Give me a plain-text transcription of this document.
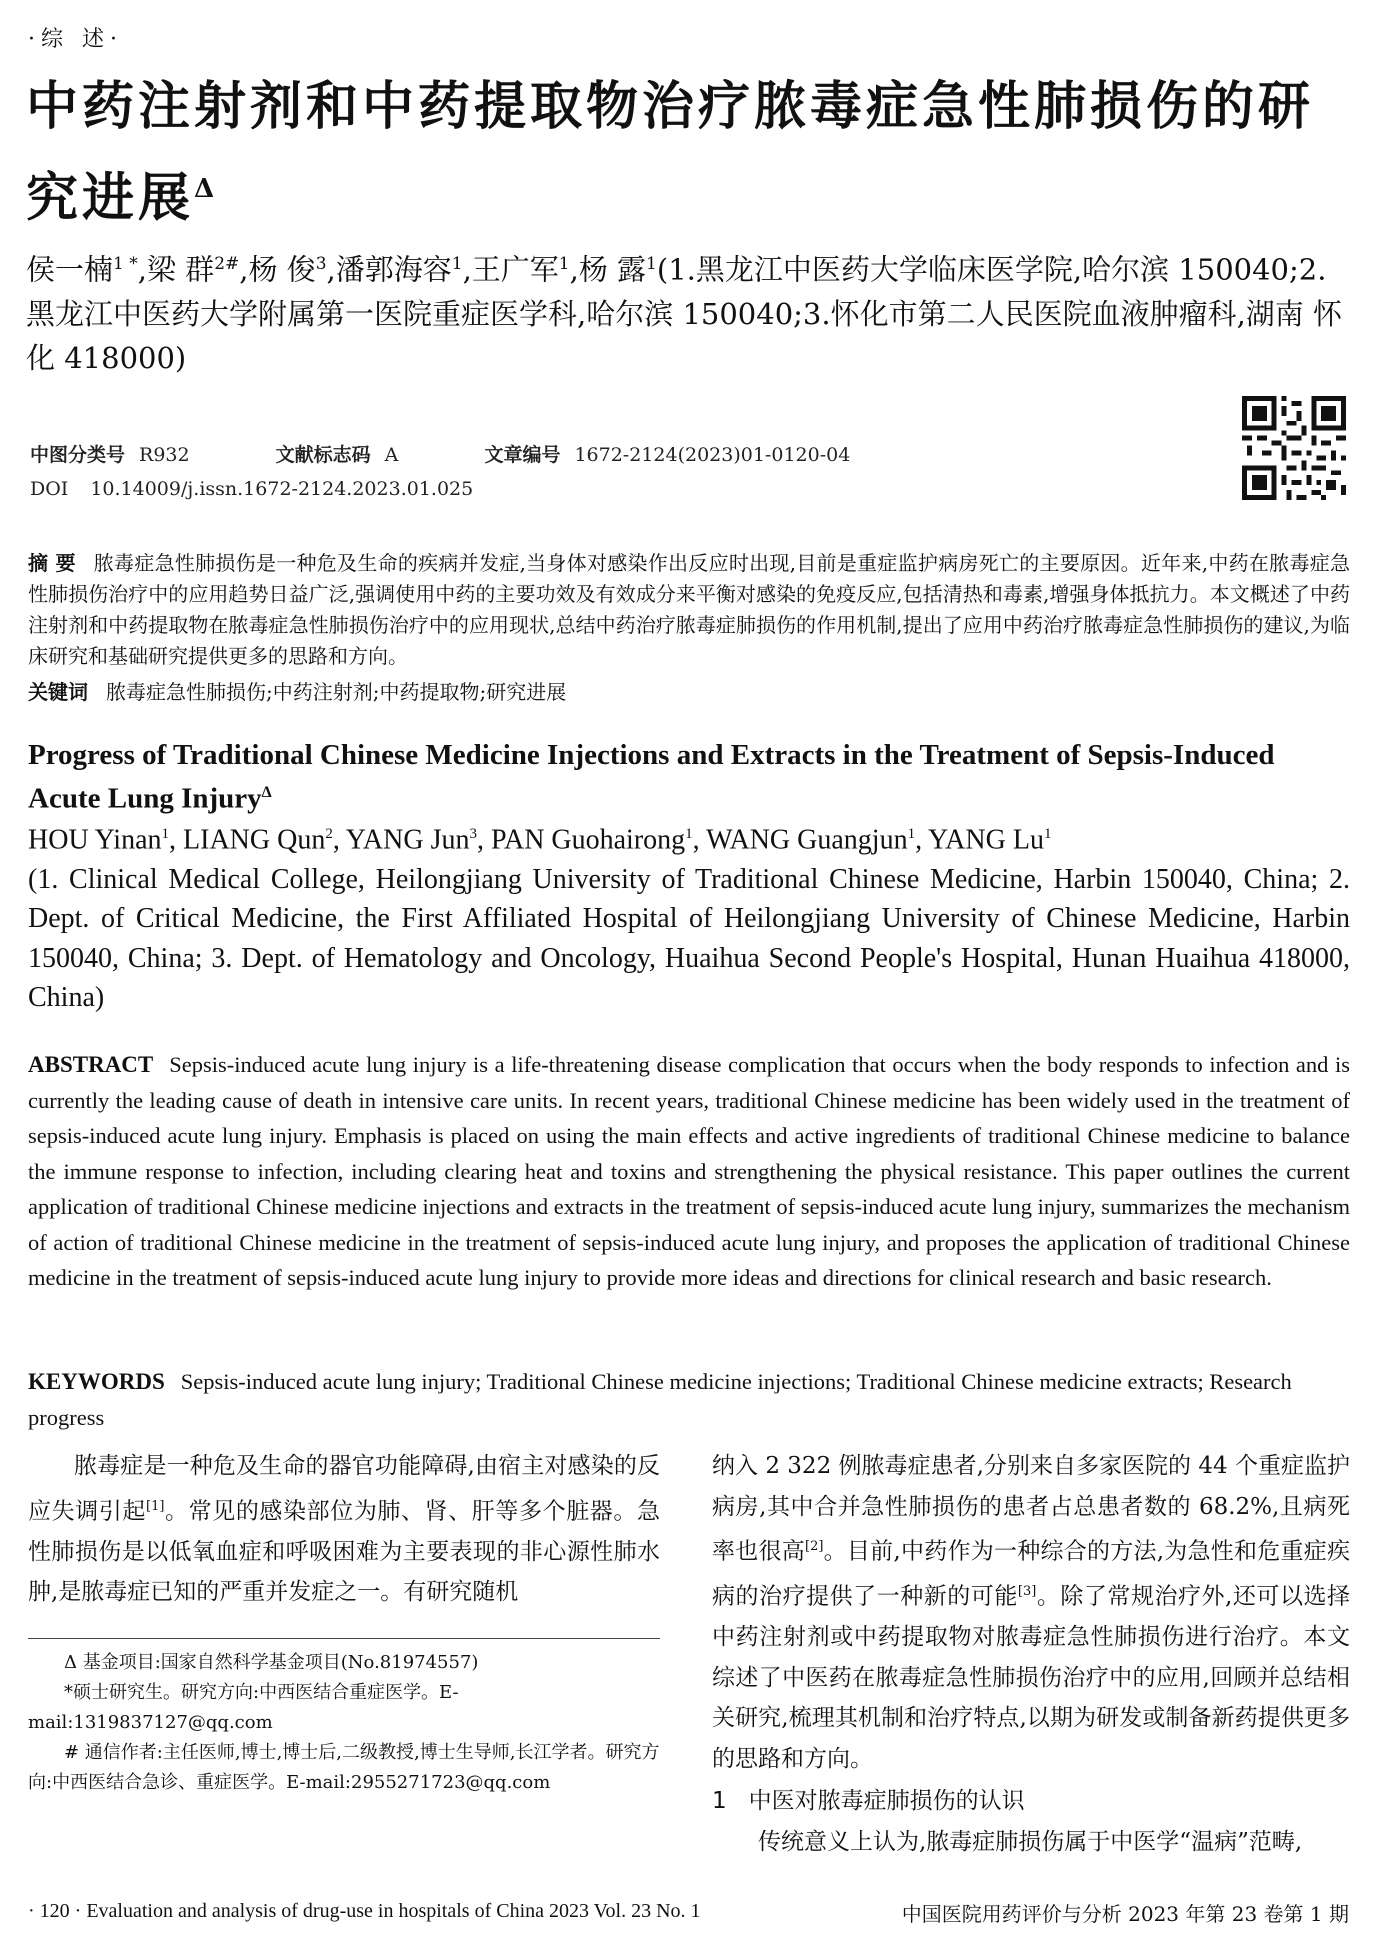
·综 述·
中药注射剂和中药提取物治疗脓毒症急性肺损伤的研究进展$^\Delta$
侯一楠$^{1 *}$,梁 群$^{2\#}$,杨 俊$^3$,潘郭海容$^1$,王广军$^1$,杨 露$^1$(1.黑龙江中医药大学临床医学院,哈尔滨 150040;2.黑龙江中医药大学附属第一医院重症医学科,哈尔滨 150040;3.怀化市第二人民医院血液肿瘤科,湖南 怀化 418000)
中图分类号 R932	文献标志码 A	文章编号 1672-2124(2023)01-0120-04
DOI 10.14009/j.issn.1672-2124.2023.01.025
摘 要 脓毒症急性肺损伤是一种危及生命的疾病并发症,当身体对感染作出反应时出现,目前是重症监护病房死亡的主要原因。近年来,中药在脓毒症急性肺损伤治疗中的应用趋势日益广泛,强调使用中药的主要功效及有效成分来平衡对感染的免疫反应,包括清热和毒素,增强身体抵抗力。本文概述了中药注射剂和中药提取物在脓毒症急性肺损伤治疗中的应用现状,总结中药治疗脓毒症肺损伤的作用机制,提出了应用中药治疗脓毒症急性肺损伤的建议,为临床研究和基础研究提供更多的思路和方向。
关键词 脓毒症急性肺损伤;中药注射剂;中药提取物;研究进展
Progress of Traditional Chinese Medicine Injections and Extracts in the Treatment of Sepsis-Induced Acute Lung Injury$^\Delta$
HOU Yinan$^1$, LIANG Qun$^2$, YANG Jun$^3$, PAN Guohairong$^1$, WANG Guangjun$^1$, YANG Lu$^1$
(1. Clinical Medical College, Heilongjiang University of Traditional Chinese Medicine, Harbin 150040, China; 2. Dept. of Critical Medicine, the First Affiliated Hospital of Heilongjiang University of Chinese Medicine, Harbin 150040, China; 3. Dept. of Hematology and Oncology, Huaihua Second People's Hospital, Hunan Huaihua 418000, China)
ABSTRACT Sepsis-induced acute lung injury is a life-threatening disease complication that occurs when the body responds to infection and is currently the leading cause of death in intensive care units. In recent years, traditional Chinese medicine has been widely used in the treatment of sepsis-induced acute lung injury. Emphasis is placed on using the main effects and active ingredients of traditional Chinese medicine to balance the immune response to infection, including clearing heat and toxins and strengthening the physical resistance. This paper outlines the current application of traditional Chinese medicine injections and extracts in the treatment of sepsis-induced acute lung injury, summarizes the mechanism of action of traditional Chinese medicine in the treatment of sepsis-induced acute lung injury, and proposes the application of traditional Chinese medicine in the treatment of sepsis-induced acute lung injury to provide more ideas and directions for clinical research and basic research.
KEYWORDS Sepsis-induced acute lung injury; Traditional Chinese medicine injections; Traditional Chinese medicine extracts; Research progress

脓毒症是一种危及生命的器官功能障碍,由宿主对感染的反应失调引起[1]。常见的感染部位为肺、肾、肝等多个脏器。急性肺损伤是以低氧血症和呼吸困难为主要表现的非心源性肺水肿,是脓毒症已知的严重并发症之一。有研究随机

纳入 2 322 例脓毒症患者,分别来自多家医院的 44 个重症监护病房,其中合并急性肺损伤的患者占总患者数的 68.2%,且病死率也很高[2]。目前,中药作为一种综合的方法,为急性和危重症疾病的治疗提供了一种新的可能[3]。除了常规治疗外,还可以选择中药注射剂或中药提取物对脓毒症急性肺损伤进行治疗。本文综述了中医药在脓毒症急性肺损伤治疗中的应用,回顾并总结相关研究,梳理其机制和治疗特点,以期为研发或制备新药提供更多的思路和方向。

1 中医对脓毒症肺损伤的认识

传统意义上认为,脓毒症肺损伤属于中医学“温病”范畴,

Δ 基金项目:国家自然科学基金项目(No.81974557)

*硕士研究生。研究方向:中西医结合重症医学。E-mail:1319837127@qq.com

# 通信作者:主任医师,博士,博士后,二级教授,博士生导师,长江学者。研究方向:中西医结合急诊、重症医学。E-mail:2955271723@qq.com

· 120 · Evaluation and analysis of drug-use in hospitals of China 2023 Vol. 23 No. 1	中国医院用药评价与分析 2023 年第 23 卷第 1 期
